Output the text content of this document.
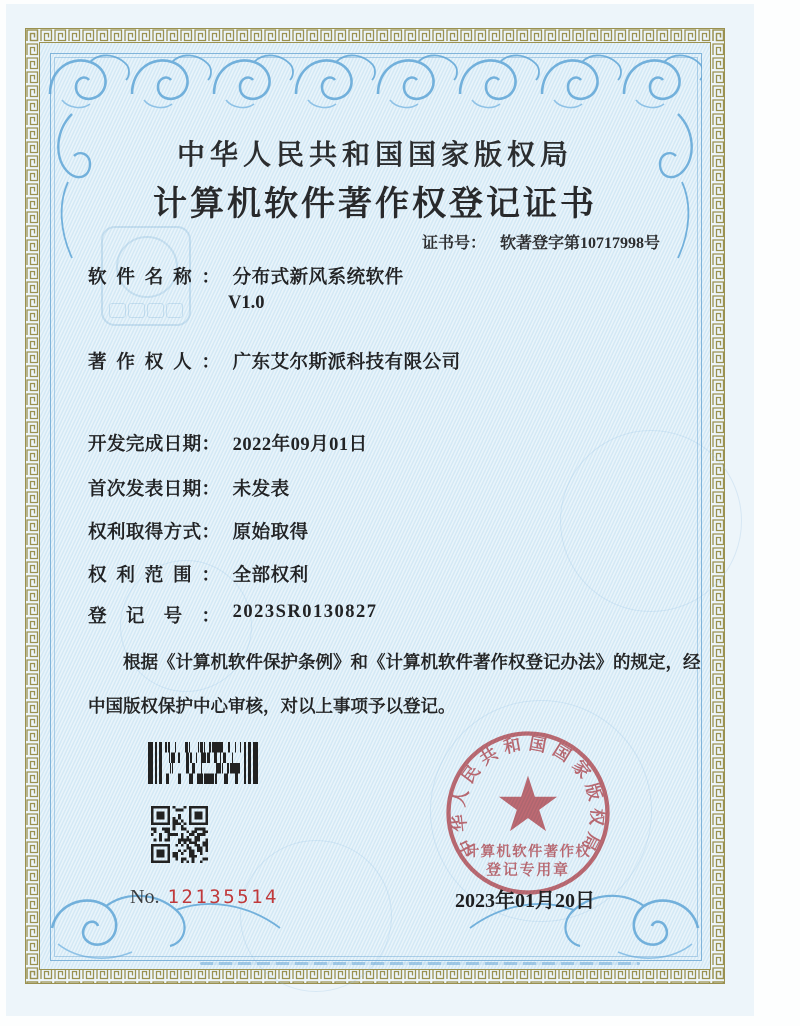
中华人民共和国国家版权局
计算机软件著作权登记证书
证书号： 软著登字第10717998号
软件名称： 分布式新风系统软件
V1.0
著作权人： 广东艾尔斯派科技有限公司
开发完成日期： 2022年09月01日
首次发表日期： 未发表
权利取得方式： 原始取得
权利范围： 全部权利
登记号： 2023SR0130827

根据《计算机软件保护条例》和《计算机软件著作权登记办法》的规定，经中国版权保护中心审核，对以上事项予以登记。

中华人民共和国国家版权局
计算机软件著作权
登记专用章
No. 12135514	2023年01月20日
